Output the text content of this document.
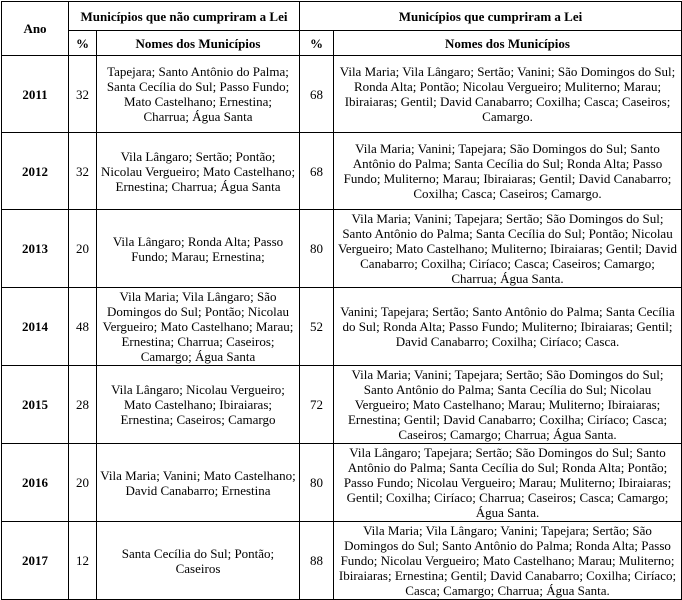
Ano	Municípios que não cumpriram a Lei		Municípios que cumpriram a Lei	
	%	Nomes dos Municípios	%	Nomes dos Municípios
2011	32	Tapejara; Santo Antônio do Palma; Santa Cecília do Sul; Passo Fundo; Mato Castelhano; Ernestina; Charrua; Água Santa	68	Vila Maria; Vila Lângaro; Sertão; Vanini; São Domingos do Sul; Ronda Alta; Pontão; Nicolau Vergueiro; Muliterno; Marau; Ibiraiaras; Gentil; David Canabarro; Coxilha; Casca; Caseiros; Camargo.
2012	32	Vila Lângaro; Sertão; Pontão; Nicolau Vergueiro; Mato Castelhano; Ernestina; Charrua; Água Santa	68	Vila Maria; Vanini; Tapejara; São Domingos do Sul; Santo Antônio do Palma; Santa Cecília do Sul; Ronda Alta; Passo Fundo; Muliterno; Marau; Ibiraiaras; Gentil; David Canabarro; Coxilha; Casca; Caseiros; Camargo.
2013	20	Vila Lângaro; Ronda Alta; Passo Fundo; Marau; Ernestina;	80	Vila Maria; Vanini; Tapejara; Sertão; São Domingos do Sul; Santo Antônio do Palma; Santa Cecília do Sul; Pontão; Nicolau Vergueiro; Mato Castelhano; Muliterno; Ibiraiaras; Gentil; David Canabarro; Coxilha; Ciríaco; Casca; Caseiros; Camargo; Charrua; Água Santa.
2014	48	Vila Maria; Vila Lângaro; São Domingos do Sul; Pontão; Nicolau Vergueiro; Mato Castelhano; Marau; Ernestina; Charrua; Caseiros; Camargo; Água Santa	52	Vanini; Tapejara; Sertão; Santo Antônio do Palma; Santa Cecília do Sul; Ronda Alta; Passo Fundo; Muliterno; Ibiraiaras; Gentil; David Canabarro; Coxilha; Ciríaco; Casca.
2015	28	Vila Lângaro; Nicolau Vergueiro; Mato Castelhano; Ibiraiaras; Ernestina; Caseiros; Camargo	72	Vila Maria; Vanini; Tapejara; Sertão; São Domingos do Sul; Santo Antônio do Palma; Santa Cecília do Sul; Nicolau Vergueiro; Mato Castelhano; Marau; Muliterno; Ibiraiaras; Ernestina; Gentil; David Canabarro; Coxilha; Ciríaco; Casca; Caseiros; Camargo; Charrua; Água Santa.
2016	20	Vila Maria; Vanini; Mato Castelhano; David Canabarro; Ernestina	80	Vila Lângaro; Tapejara; Sertão; São Domingos do Sul; Santo Antônio do Palma; Santa Cecília do Sul; Ronda Alta; Pontão; Passo Fundo; Nicolau Vergueiro; Marau; Muliterno; Ibiraiaras; Gentil; Coxilha; Ciríaco; Charrua; Caseiros; Casca; Camargo; Água Santa.
2017	12	Santa Cecília do Sul; Pontão; Caseiros	88	Vila Maria; Vila Lângaro; Vanini; Tapejara; Sertão; São Domingos do Sul; Santo Antônio do Palma; Ronda Alta; Passo Fundo; Nicolau Vergueiro; Mato Castelhano; Marau; Muliterno; Ibiraiaras; Ernestina; Gentil; David Canabarro; Coxilha; Ciríaco; Casca; Camargo; Charrua; Água Santa.
